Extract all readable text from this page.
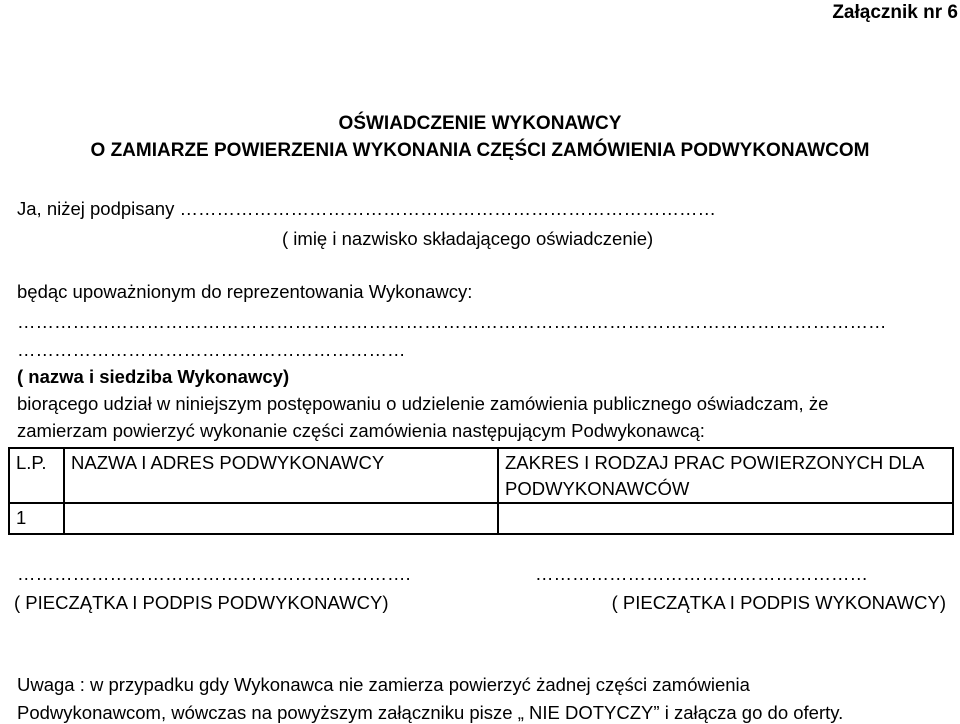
Załącznik nr 6
OŚWIADCZENIE WYKONAWCY
O ZAMIARZE POWIERZENIA WYKONANIA CZĘŚCI ZAMÓWIENIA PODWYKONAWCOM
Ja, niżej podpisany ……………………………………………………………………………
( imię i nazwisko składającego oświadczenie)
będąc upoważnionym do reprezentowania Wykonawcy:
……………………………………………………………………………………………………………………………
………………………………………………………
( nazwa i siedziba Wykonawcy)
biorącego udział w niniejszym postępowaniu o udzielenie zamówienia publicznego oświadczam, że
zamierzam powierzyć wykonanie części zamówienia następującym Podwykonawcą:
L.P.	NAZWA I ADRES PODWYKONAWCY	ZAKRES I RODZAJ PRAC POWIERZONYCH DLA PODWYKONAWCÓW
1		
……………………………………………………….	………………………………………………
( PIECZĄTKA I PODPIS PODWYKONAWCY)	( PIECZĄTKA I PODPIS WYKONAWCY)
Uwaga : w przypadku gdy Wykonawca nie zamierza powierzyć żadnej części zamówienia
Podwykonawcom, wówczas na powyższym załączniku pisze „ NIE DOTYCZY” i załącza go do oferty.
